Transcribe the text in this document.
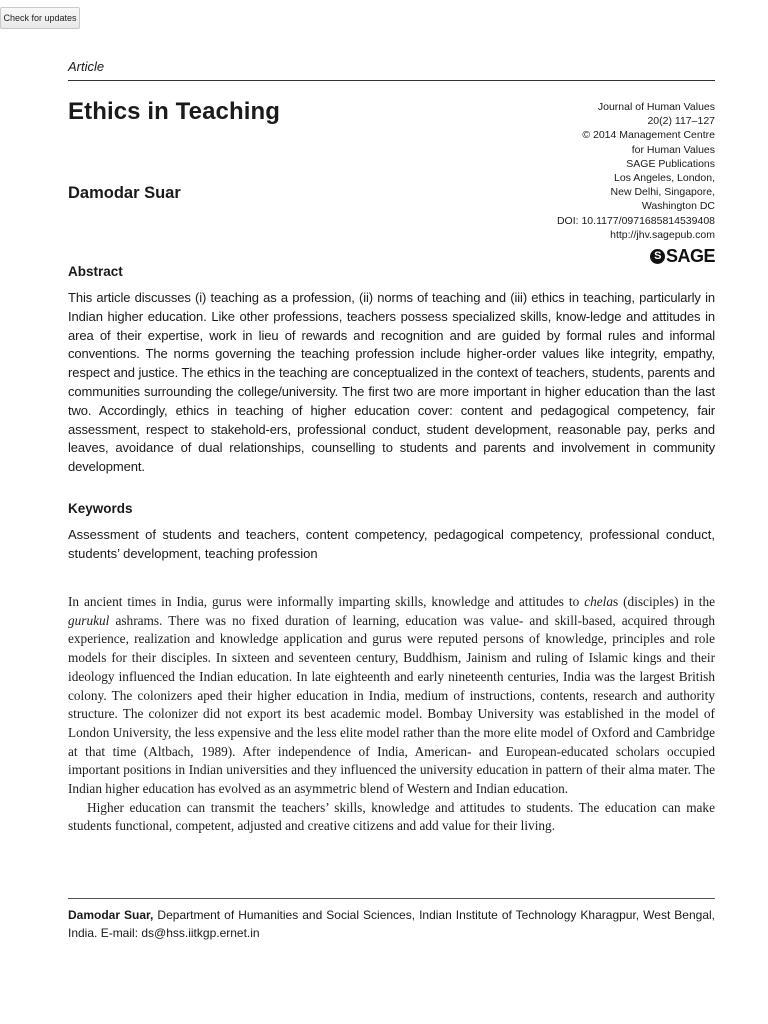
Check for updates
Article
Ethics in Teaching
Damodar Suar
Journal of Human Values
20(2) 117–127
© 2014 Management Centre
for Human Values
SAGE Publications
Los Angeles, London,
New Delhi, Singapore,
Washington DC
DOI: 10.1177/0971685814539408
http://jhv.sagepub.com
S SAGE
Abstract

This article discusses (i) teaching as a profession, (ii) norms of teaching and (iii) ethics in teaching, particularly in Indian higher education. Like other professions, teachers possess specialized skills, know-ledge and attitudes in area of their expertise, work in lieu of rewards and recognition and are guided by formal rules and informal conventions. The norms governing the teaching profession include higher-order values like integrity, empathy, respect and justice. The ethics in the teaching are conceptualized in the context of teachers, students, parents and communities surrounding the college/university. The first two are more important in higher education than the last two. Accordingly, ethics in teaching of higher education cover: content and pedagogical competency, fair assessment, respect to stakehold-ers, professional conduct, student development, reasonable pay, perks and leaves, avoidance of dual relationships, counselling to students and parents and involvement in community development.

Keywords

Assessment of students and teachers, content competency, pedagogical competency, professional conduct, students’ development, teaching profession

In ancient times in India, gurus were informally imparting skills, knowledge and attitudes to chelas (disciples) in the gurukul ashrams. There was no fixed duration of learning, education was value- and skill-based, acquired through experience, realization and knowledge application and gurus were reputed persons of knowledge, principles and role models for their disciples. In sixteen and seventeen century, Buddhism, Jainism and ruling of Islamic kings and their ideology influenced the Indian education. In late eighteenth and early nineteenth centuries, India was the largest British colony. The colonizers aped their higher education in India, medium of instructions, contents, research and authority structure. The colonizer did not export its best academic model. Bombay University was established in the model of London University, the less expensive and the less elite model rather than the more elite model of Oxford and Cambridge at that time (Altbach, 1989). After independence of India, American- and European-educated scholars occupied important positions in Indian universities and they influenced the university education in pattern of their alma mater. The Indian higher education has evolved as an asymmetric blend of Western and Indian education.

Higher education can transmit the teachers’ skills, knowledge and attitudes to students. The education can make students functional, competent, adjusted and creative citizens and add value for their living.

Damodar Suar, Department of Humanities and Social Sciences, Indian Institute of Technology Kharagpur, West Bengal, India. E-mail: ds@hss.iitkgp.ernet.in
